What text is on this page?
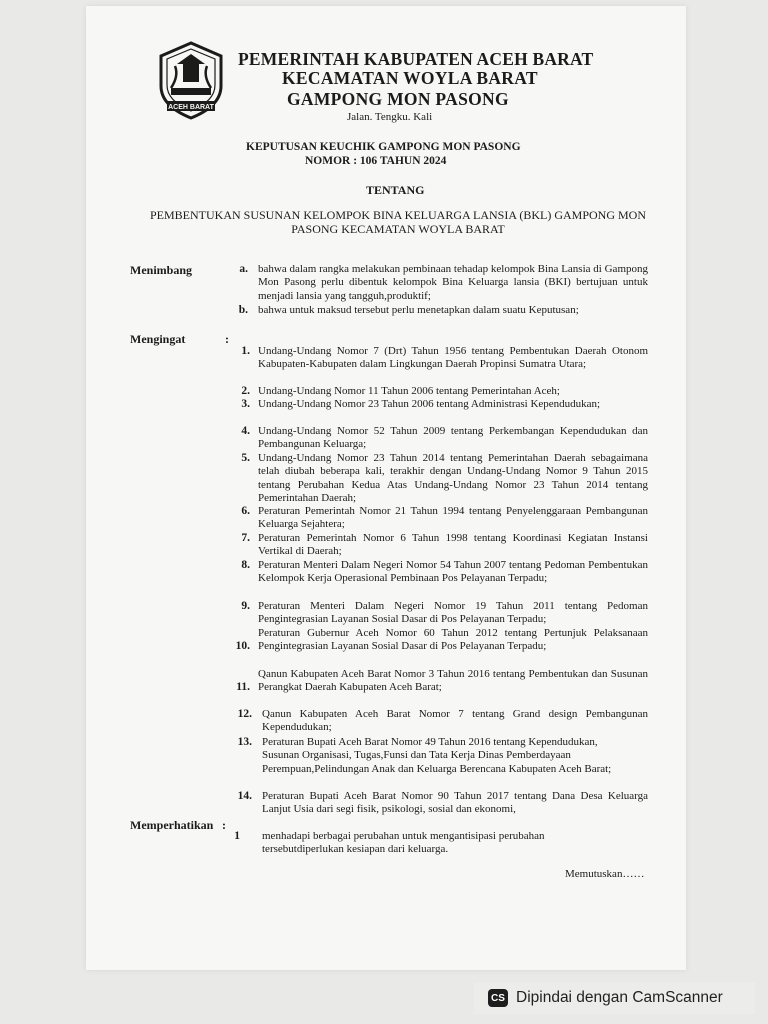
ACEH BARAT
PEMERINTAH KABUPATEN ACEH BARAT
KECAMATAN WOYLA BARAT
GAMPONG MON PASONG
Jalan. Tengku. Kali
KEPUTUSAN KEUCHIK GAMPONG MON PASONG
NOMOR : 106 TAHUN 2024
TENTANG
PEMBENTUKAN SUSUNAN KELOMPOK BINA KELUARGA LANSIA (BKL) GAMPONG MON PASONG KECAMATAN WOYLA BARAT
Menimbang	a. bahwa dalam rangka melakukan pembinaan tehadap kelompok Bina Lansia di Gampong Mon Pasong perlu dibentuk kelompok Bina Keluarga lansia (BKI) bertujuan untuk menjadi lansia yang tangguh,produktif;
b. bahwa untuk maksud tersebut perlu menetapkan dalam suatu Keputusan;
Mengingat	:
1. Undang-Undang Nomor 7 (Drt) Tahun 1956 tentang Pembentukan Daerah Otonom Kabupaten-Kabupaten dalam Lingkungan Daerah Propinsi Sumatra Utara;
2. Undang-Undang Nomor 11 Tahun 2006 tentang Pemerintahan Aceh;
3. Undang-Undang Nomor 23 Tahun 2006 tentang Administrasi Kependudukan;
4. Undang-Undang Nomor 52 Tahun 2009 tentang Perkembangan Kependudukan dan Pembangunan Keluarga;
5. Undang-Undang Nomor 23 Tahun 2014 tentang Pemerintahan Daerah sebagaimana telah diubah beberapa kali, terakhir dengan Undang-Undang Nomor 9 Tahun 2015 tentang Perubahan Kedua Atas Undang-Undang Nomor 23 Tahun 2014 tentang Pemerintahan Daerah;
6. Peraturan Pemerintah Nomor 21 Tahun 1994 tentang Penyelenggaraan Pembangunan Keluarga Sejahtera;
7. Peraturan Pemerintah Nomor 6 Tahun 1998 tentang Koordinasi Kegiatan Instansi Vertikal di Daerah;
8. Peraturan Menteri Dalam Negeri Nomor 54 Tahun 2007 tentang Pedoman Pembentukan Kelompok Kerja Operasional Pembinaan Pos Pelayanan Terpadu;
9. Peraturan Menteri Dalam Negeri Nomor 19 Tahun 2011 tentang Pedoman Pengintegrasian Layanan Sosial Dasar di Pos Pelayanan Terpadu;
10.
Peraturan Gubernur Aceh Nomor 60 Tahun 2012 tentang Pertunjuk Pelaksanaan Pengintegrasian Layanan Sosial Dasar di Pos Pelayanan Terpadu;
11.
Qanun Kabupaten Aceh Barat Nomor 3 Tahun 2016 tentang Pembentukan dan Susunan Perangkat Daerah Kabupaten Aceh Barat;
12. Qanun Kabupaten Aceh Barat Nomor 7 tentang Grand design Pembangunan Kependudukan;
13. Peraturan Bupati Aceh Barat Nomor 49 Tahun 2016 tentang Kependudukan, Susunan Organisasi, Tugas,Funsi dan Tata Kerja Dinas Pemberdayaan Perempuan,Pelindungan Anak dan Keluarga Berencana Kabupaten Aceh Barat;
14. Peraturan Bupati Aceh Barat Nomor 90 Tahun 2017 tentang Dana Desa Keluarga Lanjut Usia dari segi fisik, psikologi, sosial dan ekonomi,
Memperhatikan :
1 menhadapi berbagai perubahan untuk mengantisipasi perubahan tersebutdiperlukan kesiapan dari keluarga.
Memutuskan……
CS Dipindai dengan CamScanner
